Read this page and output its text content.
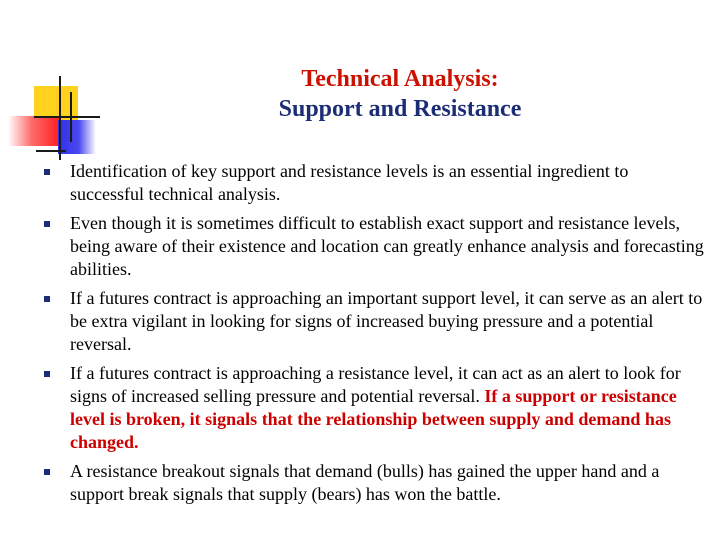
Technical Analysis:
Support and Resistance
Identification of key support and resistance levels is an essential ingredient to successful technical analysis.
Even though it is sometimes difficult to establish exact support and resistance levels, being aware of their existence and location can greatly enhance analysis and forecasting abilities.
If a futures contract is approaching an important support level, it can serve as an alert to be extra vigilant in looking for signs of increased buying pressure and a potential reversal.
If a futures contract is approaching a resistance level, it can act as an alert to look for signs of increased selling pressure and potential reversal. If a support or resistance level is broken, it signals that the relationship between supply and demand has changed.
A resistance breakout signals that demand (bulls) has gained the upper hand and a support break signals that supply (bears) has won the battle.
